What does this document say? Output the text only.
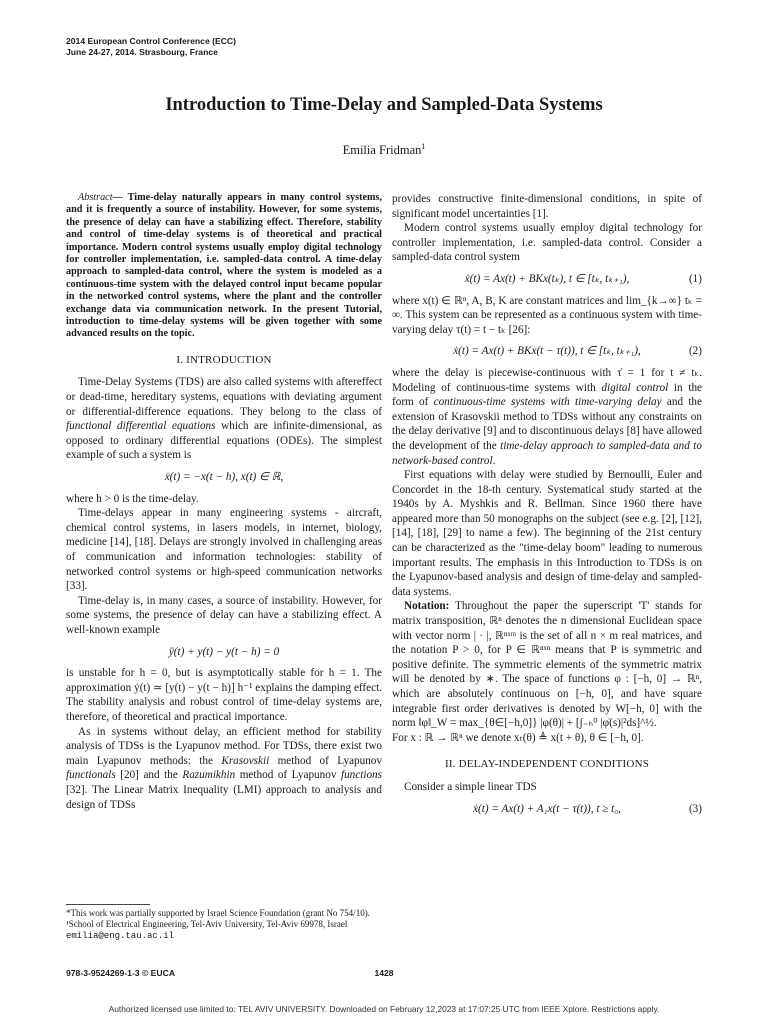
2014 European Control Conference (ECC)
June 24-27, 2014. Strasbourg, France
Introduction to Time-Delay and Sampled-Data Systems
Emilia Fridman$^1$

Abstract— Time-delay naturally appears in many control systems, and it is frequently a source of instability. However, for some systems, the presence of delay can have a stabilizing effect. Therefore, stability and control of time-delay systems is of theoretical and practical importance. Modern control systems usually employ digital technology for controller implementation, i.e. sampled-data control. A time-delay approach to sampled-data control, where the system is modeled as a continuous-time system with the delayed control input became popular in the networked control systems, where the plant and the controller exchange data via communication network. In the present Tutorial, introduction to time-delay systems will be given together with some advanced results on the topic.

I. INTRODUCTION

Time-Delay Systems (TDS) are also called systems with aftereffect or dead-time, hereditary systems, equations with deviating argument or differential-difference equations. They belong to the class of functional differential equations which are infinite-dimensional, as opposed to ordinary differential equations (ODEs). The simplest example of such a system is

ẋ(t) = −x(t − h), x(t) ∈ ℝ,

where h > 0 is the time-delay.

Time-delays appear in many engineering systems - aircraft, chemical control systems, in lasers models, in internet, biology, medicine [14], [18]. Delays are strongly involved in challenging areas of communication and information technologies: stability of networked control systems or high-speed communication networks [33].

Time-delay is, in many cases, a source of instability. However, for some systems, the presence of delay can have a stabilizing effect. A well-known example

ÿ(t) + y(t) − y(t − h) = 0

is unstable for h = 0, but is asymptotically stable for h = 1. The approximation ẏ(t) ≃ [y(t) − y(t − h)] h⁻¹ explains the damping effect. The stability analysis and robust control of time-delay systems are, therefore, of theoretical and practical importance.

As in systems without delay, an efficient method for stability analysis of TDSs is the Lyapunov method. For TDSs, there exist two main Lyapunov methods: the Krasovskii method of Lyapunov functionals [20] and the Razumikhin method of Lyapunov functions [32]. The Linear Matrix Inequality (LMI) approach to analysis and design of TDSs

*This work was partially supported by Israel Science Foundation (grant No 754/10).

¹School of Electrical Engineering, Tel-Aviv University, Tel-Aviv 69978, Israel emilia@eng.tau.ac.il

provides constructive finite-dimensional conditions, in spite of significant model uncertainties [1].

Modern control systems usually employ digital technology for controller implementation, i.e. sampled-data control. Consider a sampled-data control system

ẋ(t) = Ax(t) + BKx(tₖ), t ∈ [tₖ, tₖ₊₁),	(1)

where x(t) ∈ ℝⁿ, A, B, K are constant matrices and lim_{k→∞} tₖ = ∞. This system can be represented as a continuous system with time-varying delay τ(t) = t − tₖ [26]:

ẋ(t) = Ax(t) + BKx(t − τ(t)), t ∈ [tₖ, tₖ₊₁),	(2)

where the delay is piecewise-continuous with τ̇ = 1 for t ≠ tₖ. Modeling of continuous-time systems with digital control in the form of continuous-time systems with time-varying delay and the extension of Krasovskii method to TDSs without any constraints on the delay derivative [9] and to discontinuous delays [8] have allowed the development of the time-delay approach to sampled-data and to network-based control.

First equations with delay were studied by Bernoulli, Euler and Concordet in the 18-th century. Systematical study started at the 1940s by A. Myshkis and R. Bellman. Since 1960 there have appeared more than 50 monographs on the subject (see e.g. [2], [12], [14], [18], [29] to name a few). The beginning of the 21st century can be characterized as the "time-delay boom" leading to numerous important results. The emphasis in this Introduction to TDSs is on the Lyapunov-based analysis and design of time-delay and sampled-data systems.

Notation: Throughout the paper the superscript 'T' stands for matrix transposition, ℝⁿ denotes the n dimensional Euclidean space with vector norm | · |, ℝⁿˣᵐ is the set of all n × m real matrices, and the notation P > 0, for P ∈ ℝⁿˣⁿ means that P is symmetric and positive definite. The symmetric elements of the symmetric matrix will be denoted by ∗. The space of functions φ : [−h, 0] → ℝⁿ, which are absolutely continuous on [−h, 0], and have square integrable first order derivatives is denoted by W[−h, 0] with the norm ‖φ‖_W = max_{θ∈[−h,0]} |φ(θ)| + [∫₋ₕ⁰ |φ̇(s)|²ds]^½.

For x : ℝ → ℝⁿ we denote xₜ(θ) ≜ x(t + θ), θ ∈ [−h, 0].

II. DELAY-INDEPENDENT CONDITIONS

Consider a simple linear TDS

ẋ(t) = Ax(t) + A₁x(t − τ(t)), t ≥ t₀,	(3)
978-3-9524269-1-3 © EUCA	1428
Authorized licensed use limited to: TEL AVIV UNIVERSITY. Downloaded on February 12,2023 at 17:07:25 UTC from IEEE Xplore. Restrictions apply.
